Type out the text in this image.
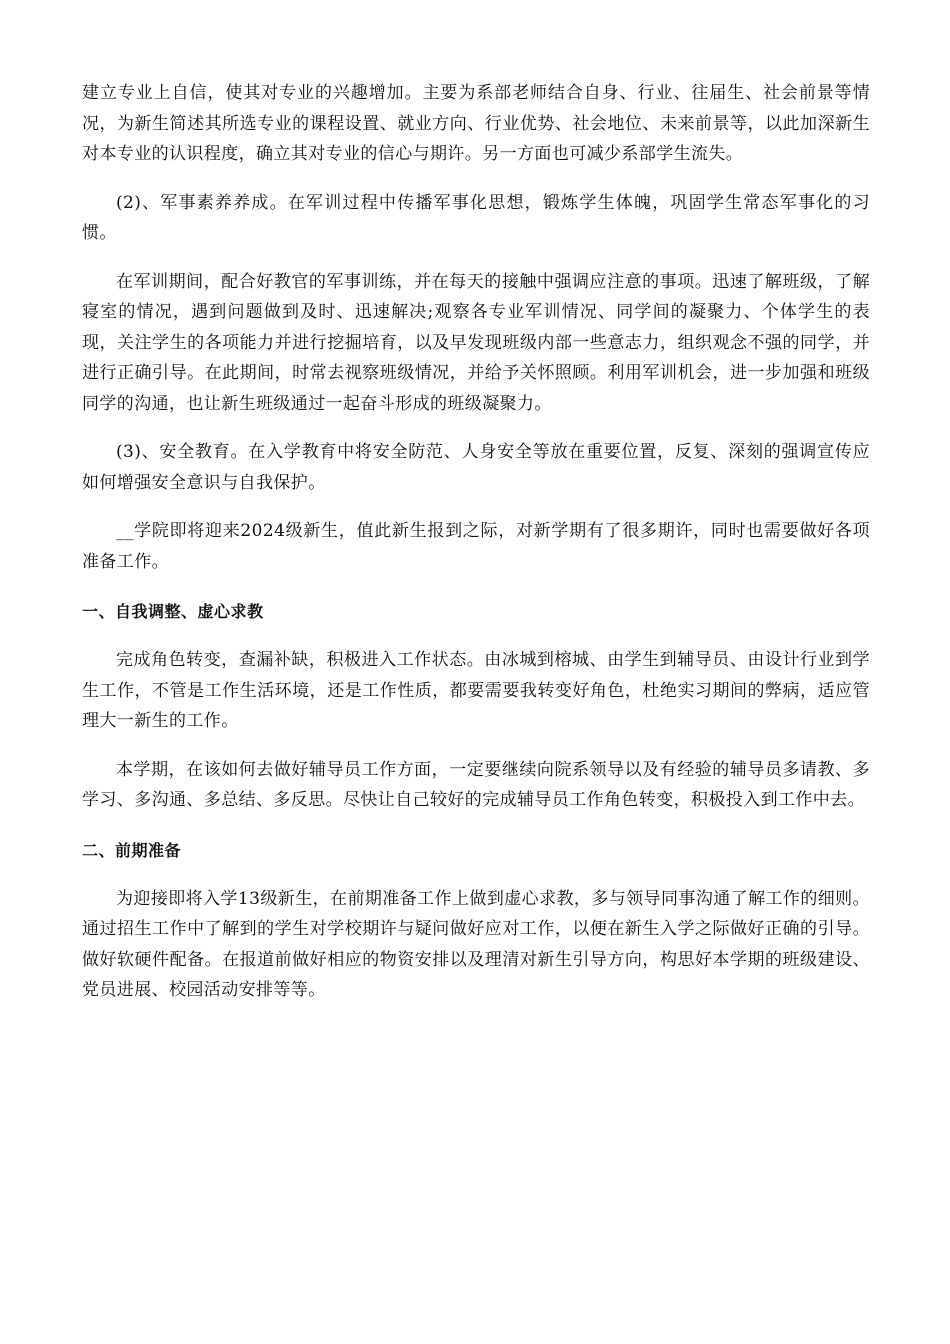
建立专业上自信，使其对专业的兴趣增加。主要为系部老师结合自身、行业、往届生、社会前景等情况，为新生简述其所选专业的课程设置、就业方向、行业优势、社会地位、未来前景等，以此加深新生对本专业的认识程度，确立其对专业的信心与期许。另一方面也可减少系部学生流失。

(2)、军事素养养成。在军训过程中传播军事化思想，锻炼学生体魄，巩固学生常态军事化的习惯。

在军训期间，配合好教官的军事训练，并在每天的接触中强调应注意的事项。迅速了解班级，了解寝室的情况，遇到问题做到及时、迅速解决;观察各专业军训情况、同学间的凝聚力、个体学生的表现，关注学生的各项能力并进行挖掘培育，以及早发现班级内部一些意志力，组织观念不强的同学，并进行正确引导。在此期间，时常去视察班级情况，并给予关怀照顾。利用军训机会，进一步加强和班级同学的沟通，也让新生班级通过一起奋斗形成的班级凝聚力。

(3)、安全教育。在入学教育中将安全防范、人身安全等放在重要位置，反复、深刻的强调宣传应如何增强安全意识与自我保护。

__学院即将迎来2024级新生，值此新生报到之际，对新学期有了很多期许，同时也需要做好各项准备工作。

一、自我调整、虚心求教

完成角色转变，查漏补缺，积极进入工作状态。由冰城到榕城、由学生到辅导员、由设计行业到学生工作，不管是工作生活环境，还是工作性质，都要需要我转变好角色，杜绝实习期间的弊病，适应管理大一新生的工作。

本学期，在该如何去做好辅导员工作方面，一定要继续向院系领导以及有经验的辅导员多请教、多学习、多沟通、多总结、多反思。尽快让自己较好的完成辅导员工作角色转变，积极投入到工作中去。

二、前期准备

为迎接即将入学13级新生，在前期准备工作上做到虚心求教，多与领导同事沟通了解工作的细则。通过招生工作中了解到的学生对学校期许与疑问做好应对工作，以便在新生入学之际做好正确的引导。做好软硬件配备。在报道前做好相应的物资安排以及理清对新生引导方向，构思好本学期的班级建设、党员进展、校园活动安排等等。
